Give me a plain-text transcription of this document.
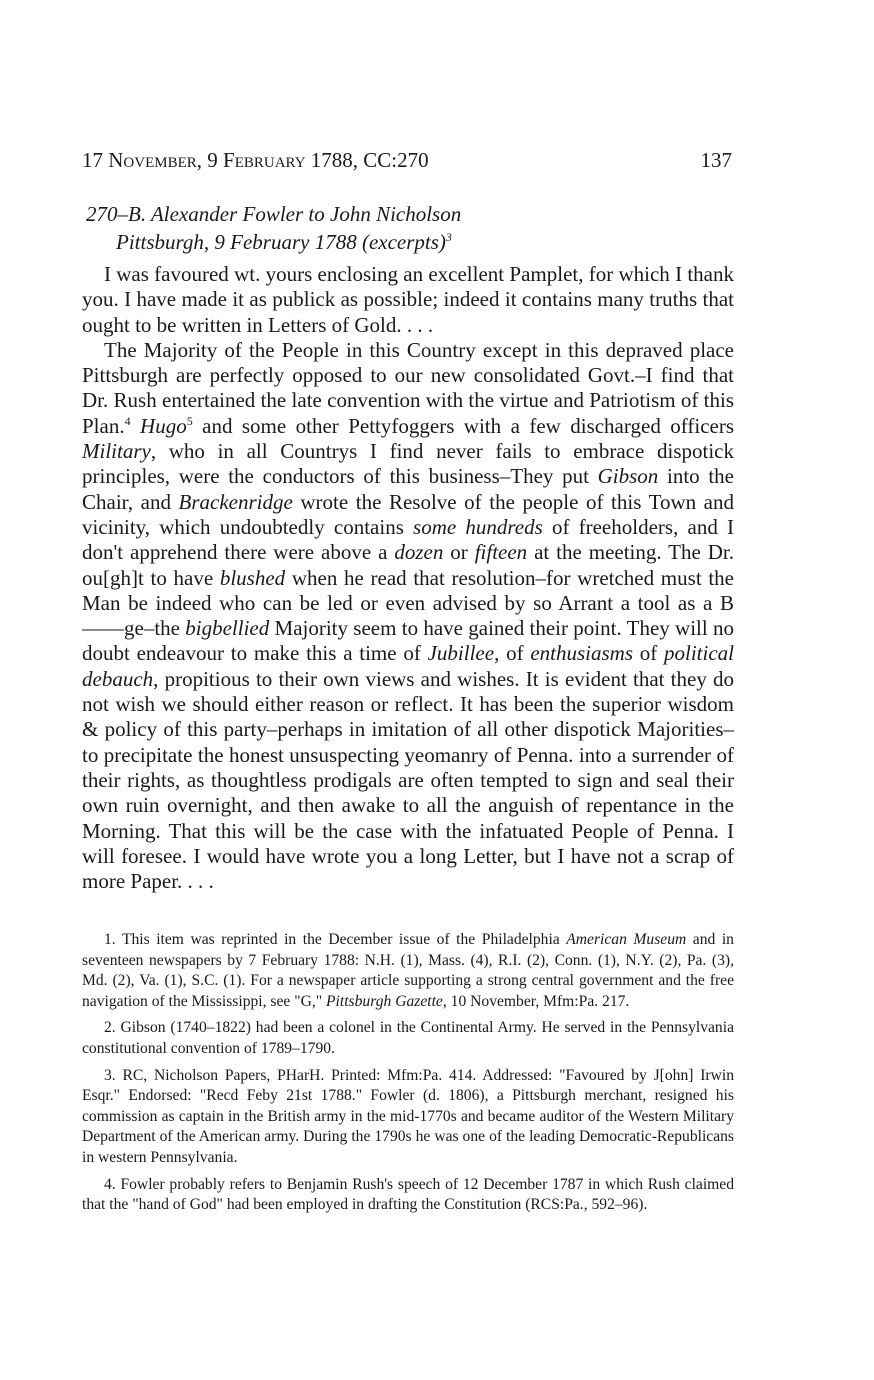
17 November, 9 February 1788, CC:270	137
270–B. Alexander Fowler to John Nicholson
Pittsburgh, 9 February 1788 (excerpts)$^3$

I was favoured wt. yours enclosing an excellent Pamplet, for which I thank you. I have made it as publick as possible; indeed it contains many truths that ought to be written in Letters of Gold. . . .

The Majority of the People in this Country except in this depraved place Pittsburgh are perfectly opposed to our new consolidated Govt.–I find that Dr. Rush entertained the late convention with the virtue and Patriotism of this Plan.$^4$ Hugo$^5$ and some other Pettyfoggers with a few discharged officers Military, who in all Countrys I find never fails to embrace dispotick principles, were the conductors of this business–They put Gibson into the Chair, and Brackenridge wrote the Resolve of the people of this Town and vicinity, which undoubtedly contains some hundreds of freeholders, and I don't apprehend there were above a dozen or fifteen at the meeting. The Dr. ou[gh]t to have blushed when he read that resolution–for wretched must the Man be indeed who can be led or even advised by so Arrant a tool as a B——ge–the bigbellied Majority seem to have gained their point. They will no doubt endeavour to make this a time of Jubillee, of enthusiasms of political debauch, propitious to their own views and wishes. It is evident that they do not wish we should either reason or reflect. It has been the superior wisdom & policy of this party–perhaps in imitation of all other dispotick Majorities–to precipitate the honest unsuspecting yeomanry of Penna. into a surrender of their rights, as thoughtless prodigals are often tempted to sign and seal their own ruin overnight, and then awake to all the anguish of repentance in the Morning. That this will be the case with the infatuated People of Penna. I will foresee. I would have wrote you a long Letter, but I have not a scrap of more Paper. . . .

1. This item was reprinted in the December issue of the Philadelphia American Museum and in seventeen newspapers by 7 February 1788: N.H. (1), Mass. (4), R.I. (2), Conn. (1), N.Y. (2), Pa. (3), Md. (2), Va. (1), S.C. (1). For a newspaper article supporting a strong central government and the free navigation of the Mississippi, see "G," Pittsburgh Gazette, 10 November, Mfm:Pa. 217.

2. Gibson (1740–1822) had been a colonel in the Continental Army. He served in the Pennsylvania constitutional convention of 1789–1790.

3. RC, Nicholson Papers, PHarH. Printed: Mfm:Pa. 414. Addressed: "Favoured by J[ohn] Irwin Esqr." Endorsed: "Recd Feby 21st 1788." Fowler (d. 1806), a Pittsburgh merchant, resigned his commission as captain in the British army in the mid-1770s and became auditor of the Western Military Department of the American army. During the 1790s he was one of the leading Democratic-Republicans in western Pennsylvania.

4. Fowler probably refers to Benjamin Rush's speech of 12 December 1787 in which Rush claimed that the "hand of God" had been employed in drafting the Constitution (RCS:Pa., 592–96).
